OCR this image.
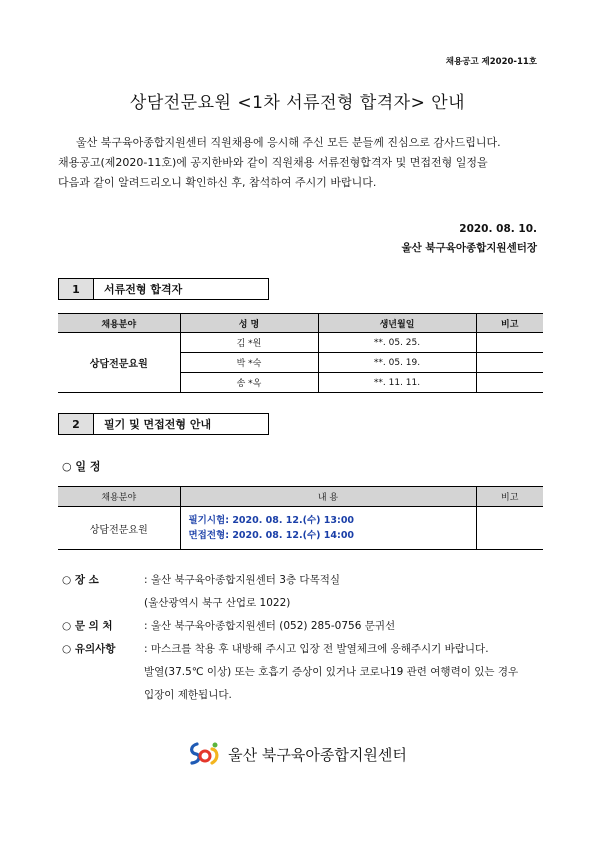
채용공고 제2020-11호
상담전문요원 <1차 서류전형 합격자> 안내

울산 북구육아종합지원센터 직원채용에 응시해 주신 모든 분들께 진심으로 감사드립니다.

채용공고(제2020-11호)에 공지한바와 같이 직원채용 서류전형합격자 및 면접전형 일정을

다음과 같이 알려드리오니 확인하신 후, 참석하여 주시기 바랍니다.

2020. 08. 10.
울산 북구육아종합지원센터장
1	서류전형 합격자
채용분야	성 명	생년월일	비고
상담전문요원	김 *원	**. 05. 25.	
	박 *숙	**. 05. 19.	
	송 *옥	**. 11. 11.	
2	필기 및 면접전형 안내
○ 일 정
채용분야	내 용	비고
상담전문요원	필기시험: 2020. 08. 12.(수) 13:00
면접전형: 2020. 08. 12.(수) 14:00	

○ 장 소	: 울산 북구육아종합지원센터 3층 다목적실
(울산광역시 북구 산업로 1022)
○ 문 의 처	: 울산 북구육아종합지원센터 (052) 285-0756 문귀선
○ 유의사항	: 마스크를 착용 후 내방해 주시고 입장 전 발열체크에 응해주시기 바랍니다.
발열(37.5℃ 이상) 또는 호흡기 증상이 있거나 코로나19 관련 여행력이 있는 경우
입장이 제한됩니다.
울산 북구육아종합지원센터
